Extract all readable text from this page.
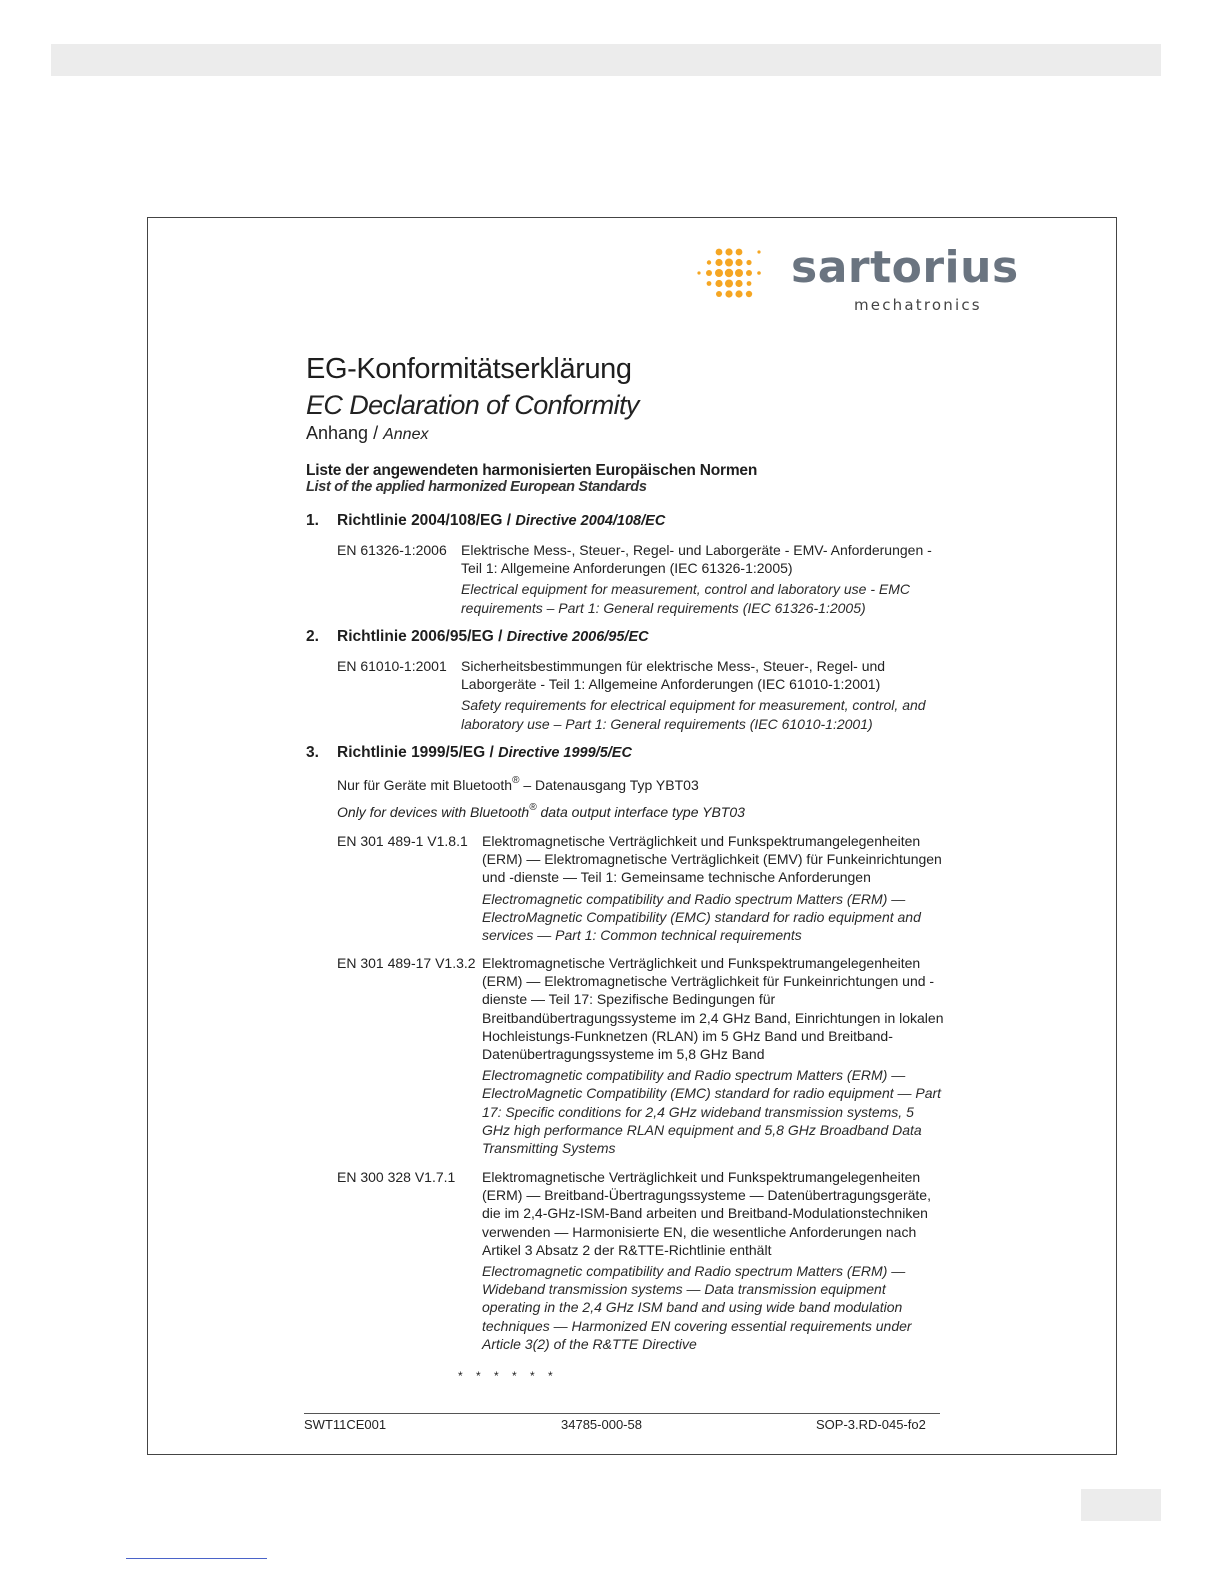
sartorius
mechatronics
EG-Konformitätserklärung
EC Declaration of Conformity
Anhang / Annex
Liste der angewendeten harmonisierten Europäischen Normen
List of the applied harmonized European Standards
1. Richtlinie 2004/108/EG / Directive 2004/108/EC
EN 61326-1:2006 Elektrische Mess-, Steuer-, Regel- und Laborgeräte - EMV- Anforderungen - Teil 1: Allgemeine Anforderungen (IEC 61326-1:2005)

Electrical equipment for measurement, control and laboratory use - EMC requirements – Part 1: General requirements (IEC 61326-1:2005)

2. Richtlinie 2006/95/EG / Directive 2006/95/EC
EN 61010-1:2001 Sicherheitsbestimmungen für elektrische Mess-, Steuer-, Regel- und Laborgeräte - Teil 1: Allgemeine Anforderungen (IEC 61010-1:2001)

Safety requirements for electrical equipment for measurement, control, and laboratory use – Part 1: General requirements (IEC 61010-1:2001)

3. Richtlinie 1999/5/EG / Directive 1999/5/EC
Nur für Geräte mit Bluetooth® – Datenausgang Typ YBT03
Only for devices with Bluetooth® data output interface type YBT03
EN 301 489-1 V1.8.1 Elektromagnetische Verträglichkeit und Funkspektrumangelegenheiten (ERM) — Elektromagnetische Verträglichkeit (EMV) für Funkeinrichtungen und -dienste — Teil 1: Gemeinsame technische Anforderungen

Electromagnetic compatibility and Radio spectrum Matters (ERM) — ElectroMagnetic Compatibility (EMC) standard for radio equipment and services — Part 1: Common technical requirements

EN 301 489-17 V1.3.2 Elektromagnetische Verträglichkeit und Funkspektrumangelegenheiten (ERM) — Elektromagnetische Verträglichkeit für Funkeinrichtungen und -dienste — Teil 17: Spezifische Bedingungen für Breitbandübertragungssysteme im 2,4 GHz Band, Einrichtungen in lokalen Hochleistungs-Funknetzen (RLAN) im 5 GHz Band und Breitband-Datenübertragungssysteme im 5,8 GHz Band

Electromagnetic compatibility and Radio spectrum Matters (ERM) — ElectroMagnetic Compatibility (EMC) standard for radio equipment — Part 17: Specific conditions for 2,4 GHz wideband transmission systems, 5 GHz high performance RLAN equipment and 5,8 GHz Broadband Data Transmitting Systems

EN 300 328 V1.7.1 Elektromagnetische Verträglichkeit und Funkspektrumangelegenheiten (ERM) — Breitband-Übertragungssysteme — Datenübertragungsgeräte, die im 2,4-GHz-ISM-Band arbeiten und Breitband-Modulationstechniken verwenden — Harmonisierte EN, die wesentliche Anforderungen nach Artikel 3 Absatz 2 der R&TTE-Richtlinie enthält

Electromagnetic compatibility and Radio spectrum Matters (ERM) — Wideband transmission systems — Data transmission equipment operating in the 2,4 GHz ISM band and using wide band modulation techniques — Harmonized EN covering essential requirements under Article 3(2) of the R&TTE Directive

* * * * * *
SWT11CE001	34785-000-58	SOP-3.RD-045-fo2
